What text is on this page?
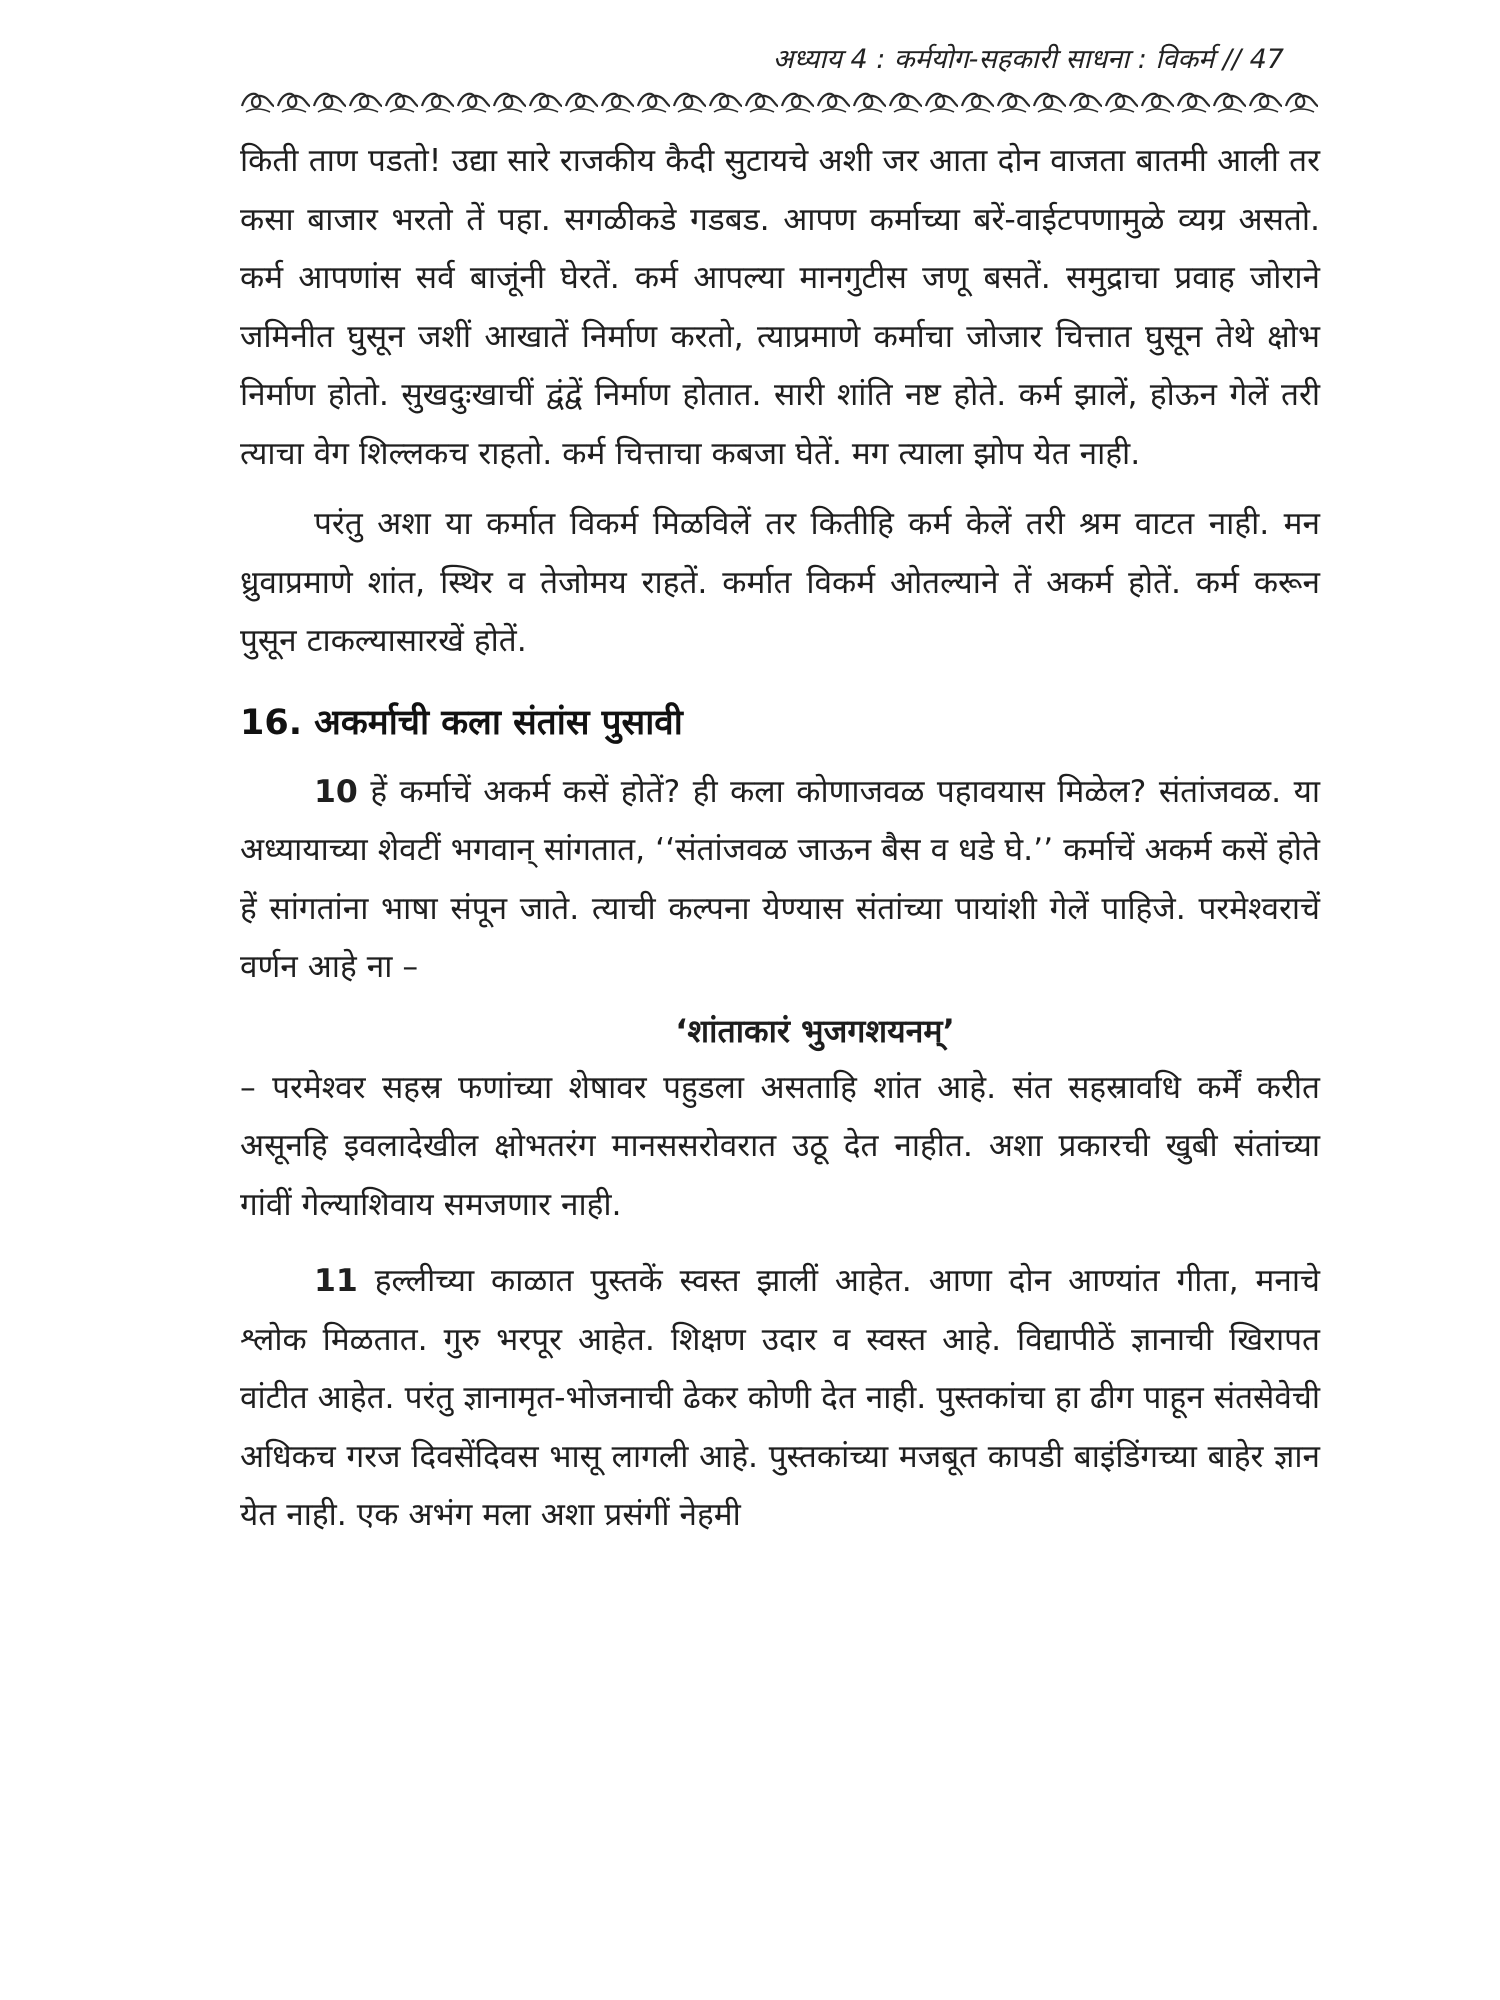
अध्याय 4 : कर्मयोग-सहकारी साधना : विकर्म // 47

किती ताण पडतो! उद्या सारे राजकीय कैदी सुटायचे अशी जर आता दोन वाजता बातमी आली तर कसा बाजार भरतो तें पहा. सगळीकडे गडबड. आपण कर्माच्या बरें-वाईटपणामुळे व्यग्र असतो. कर्म आपणांस सर्व बाजूंनी घेरतें. कर्म आपल्या मानगुटीस जणू बसतें. समुद्राचा प्रवाह जोराने जमिनीत घुसून जशीं आखातें निर्माण करतो, त्याप्रमाणे कर्माचा जोजार चित्तात घुसून तेथे क्षोभ निर्माण होतो. सुखदुःखाचीं द्वंद्वें निर्माण होतात. सारी शांति नष्ट होते. कर्म झालें, होऊन गेलें तरी त्याचा वेग शिल्लकच राहतो. कर्म चित्ताचा कबजा घेतें. मग त्याला झोप येत नाही.

परंतु अशा या कर्मात विकर्म मिळविलें तर कितीहि कर्म केलें तरी श्रम वाटत नाही. मन ध्रुवाप्रमाणे शांत, स्थिर व तेजोमय राहतें. कर्मात विकर्म ओतल्याने तें अकर्म होतें. कर्म करून पुसून टाकल्यासारखें होतें.

16. अकर्माची कला संतांस पुसावी

10 हें कर्माचें अकर्म कसें होतें? ही कला कोणाजवळ पहावयास मिळेल? संतांजवळ. या अध्यायाच्या शेवटीं भगवान् सांगतात, ‘‘संतांजवळ जाऊन बैस व धडे घे.’’ कर्माचें अकर्म कसें होते हें सांगतांना भाषा संपून जाते. त्याची कल्पना येण्यास संतांच्या पायांशी गेलें पाहिजे. परमेश्वराचें वर्णन आहे ना –

‘शांताकारं भुजगशयनम्’

– परमेश्वर सहस्र फणांच्या शेषावर पहुडला असताहि शांत आहे. संत सहस्रावधि कर्में करीत असूनहि इवलादेखील क्षोभतरंग मानससरोवरात उठू देत नाहीत. अशा प्रकारची खुबी संतांच्या गांवीं गेल्याशिवाय समजणार नाही.

11 हल्लीच्या काळात पुस्तकें स्वस्त झालीं आहेत. आणा दोन आण्यांत गीता, मनाचे श्लोक मिळतात. गुरु भरपूर आहेत. शिक्षण उदार व स्वस्त आहे. विद्यापीठें ज्ञानाची खिरापत वांटीत आहेत. परंतु ज्ञानामृत-भोजनाची ढेकर कोणी देत नाही. पुस्तकांचा हा ढीग पाहून संतसेवेची अधिकच गरज दिवसेंदिवस भासू लागली आहे. पुस्तकांच्या मजबूत कापडी बाइंडिंगच्या बाहेर ज्ञान येत नाही. एक अभंग मला अशा प्रसंगीं नेहमी
